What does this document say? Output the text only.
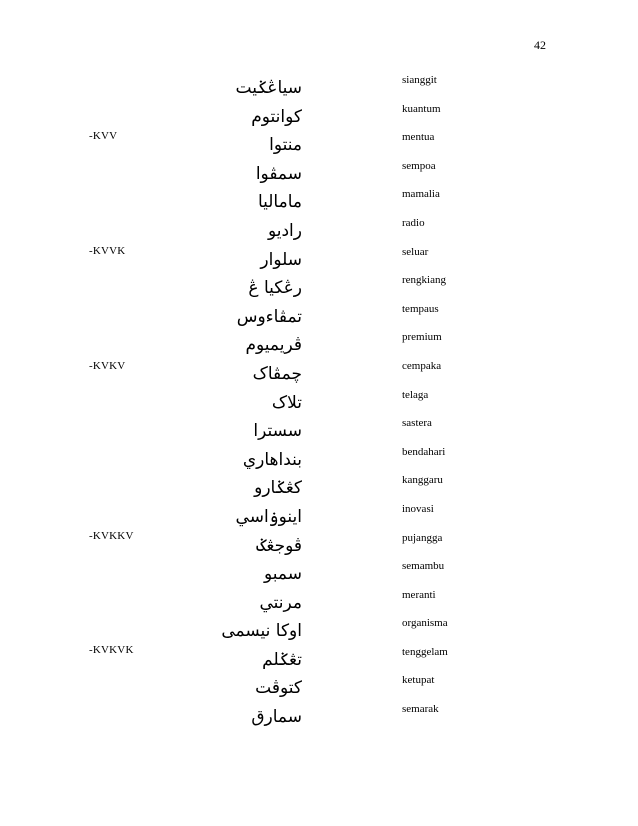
42
-KVV
-KVVK
-KVKV
-KVKKV
-KVKVK
سياڠݢيت
كوانتوم
منتوا
سمڤوا
ماماليا
راديو
سلوار
رڠكيا ڠ
تمڤاءوس
ڤريميوم
چمڤاک
تلاک
سسترا
بنداهاري
کڠݢارو
اينوۏاسي
ڤوجڠݢ
سمبو
مرنتي
اوكا نيسمى
تڠݢلم
كتوڤت
سمارق
sianggit
kuantum
mentua
sempoa
mamalia
radio
seluar
rengkiang
tempaus
premium
cempaka
telaga
sastera
bendahari
kanggaru
inovasi
pujangga
semambu
meranti
organisma
tenggelam
ketupat
semarak
